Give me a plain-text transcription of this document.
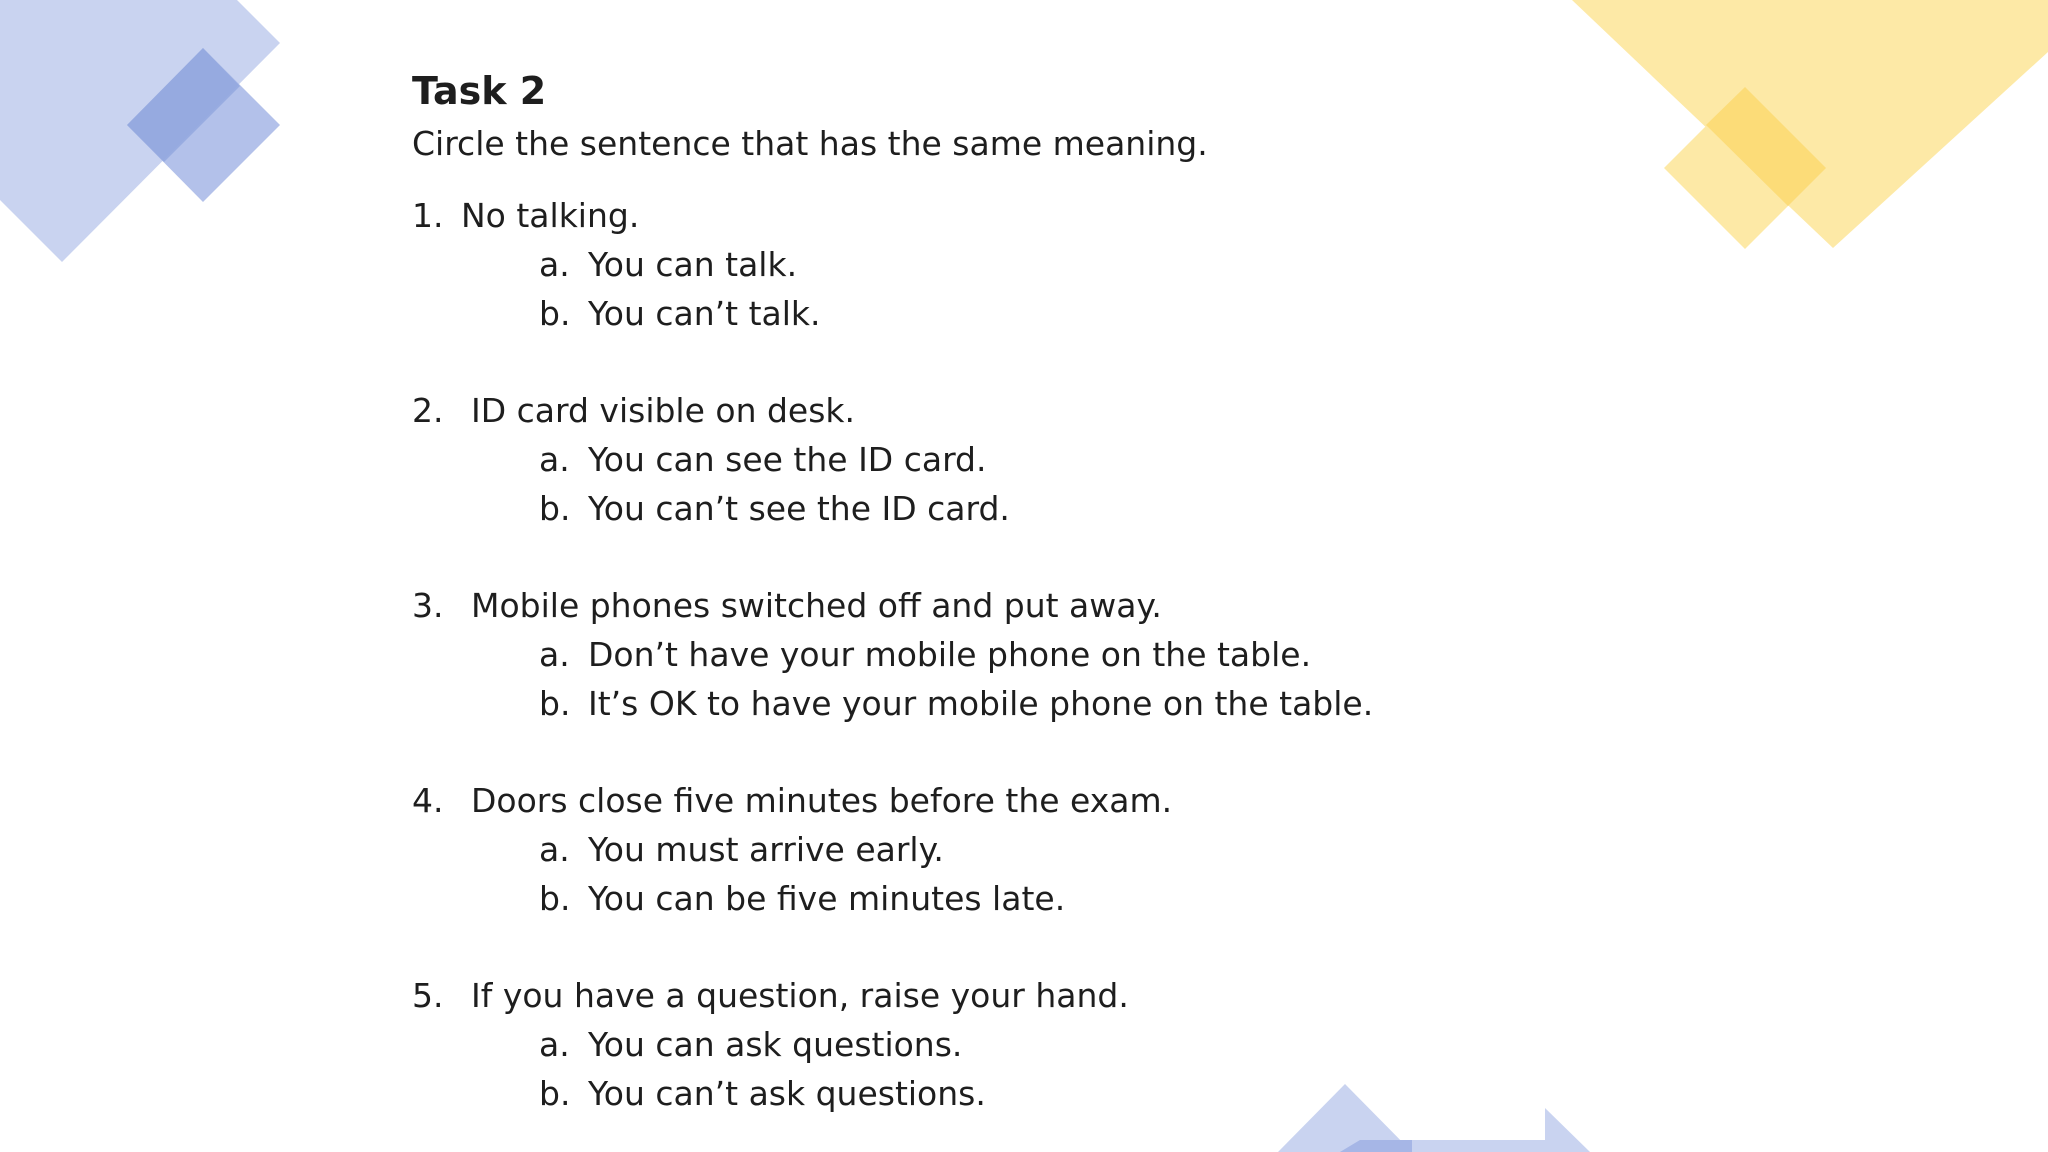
Task 2
Circle the sentence that has the same meaning.
1. No talking.
a. You can talk.
b. You can’t talk.
2. ID card visible on desk.
a. You can see the ID card.
b. You can’t see the ID card.
3. Mobile phones switched off and put away.
a. Don’t have your mobile phone on the table.
b. It’s OK to have your mobile phone on the table.
4. Doors close five minutes before the exam.
a. You must arrive early.
b. You can be five minutes late.
5. If you have a question, raise your hand.
a. You can ask questions.
b. You can’t ask questions.
